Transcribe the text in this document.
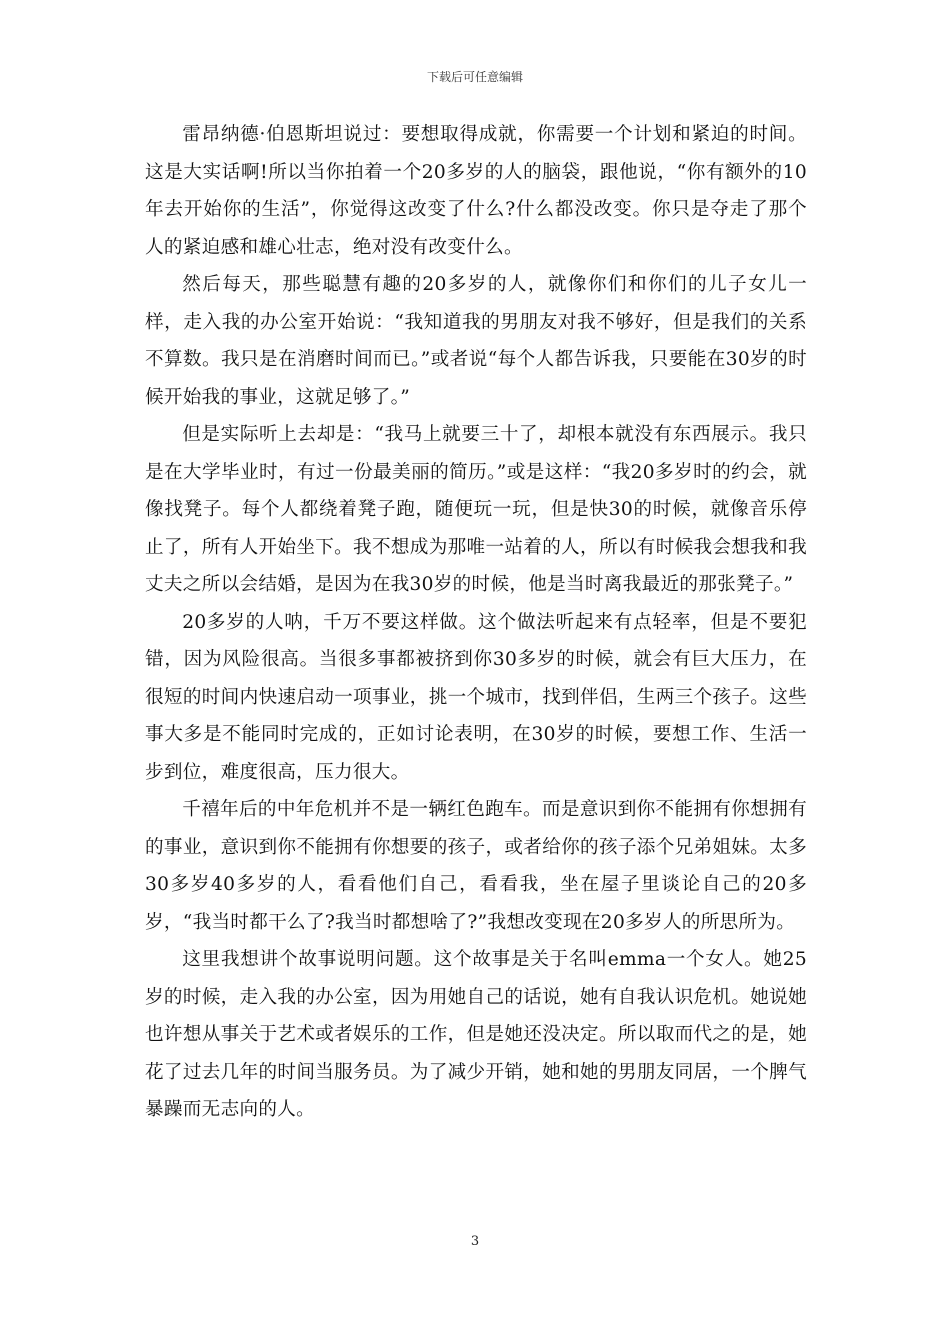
下载后可任意编辑

雷昂纳德·伯恩斯坦说过：要想取得成就，你需要一个计划和紧迫的时间。这是大实话啊!所以当你拍着一个20多岁的人的脑袋，跟他说，“你有额外的10年去开始你的生活”，你觉得这改变了什么?什么都没改变。你只是夺走了那个人的紧迫感和雄心壮志，绝对没有改变什么。

然后每天，那些聪慧有趣的20多岁的人，就像你们和你们的儿子女儿一样，走入我的办公室开始说：“我知道我的男朋友对我不够好，但是我们的关系不算数。我只是在消磨时间而已。”或者说“每个人都告诉我，只要能在30岁的时候开始我的事业，这就足够了。”

但是实际听上去却是：“我马上就要三十了，却根本就没有东西展示。我只是在大学毕业时，有过一份最美丽的简历。”或是这样：“我20多岁时的约会，就像找凳子。每个人都绕着凳子跑，随便玩一玩，但是快30的时候，就像音乐停止了，所有人开始坐下。我不想成为那唯一站着的人，所以有时候我会想我和我丈夫之所以会结婚，是因为在我30岁的时候，他是当时离我最近的那张凳子。”

20多岁的人呐，千万不要这样做。这个做法听起来有点轻率，但是不要犯错，因为风险很高。当很多事都被挤到你30多岁的时候，就会有巨大压力，在很短的时间内快速启动一项事业，挑一个城市，找到伴侣，生两三个孩子。这些事大多是不能同时完成的，正如讨论表明，在30岁的时候，要想工作、生活一步到位，难度很高，压力很大。

千禧年后的中年危机并不是一辆红色跑车。而是意识到你不能拥有你想拥有的事业，意识到你不能拥有你想要的孩子，或者给你的孩子添个兄弟姐妹。太多30多岁40多岁的人，看看他们自己，看看我，坐在屋子里谈论自己的20多岁，“我当时都干么了?我当时都想啥了?”我想改变现在20多岁人的所思所为。

这里我想讲个故事说明问题。这个故事是关于名叫emma一个女人。她25岁的时候，走入我的办公室，因为用她自己的话说，她有自我认识危机。她说她也许想从事关于艺术或者娱乐的工作，但是她还没决定。所以取而代之的是，她花了过去几年的时间当服务员。为了减少开销，她和她的男朋友同居，一个脾气暴躁而无志向的人。

3
